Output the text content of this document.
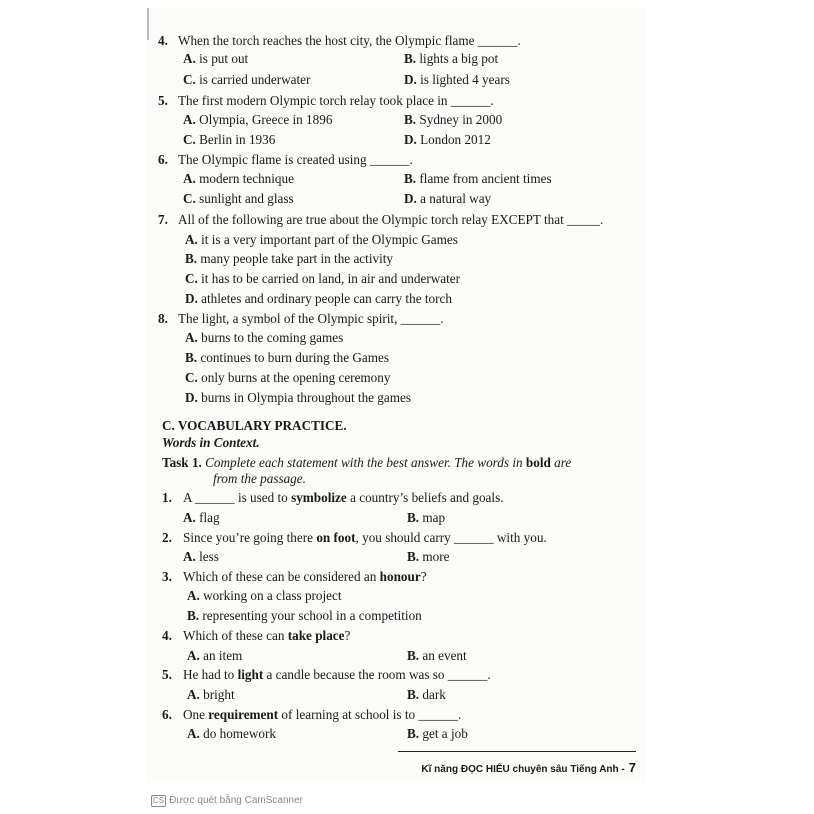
4. When the torch reaches the host city, the Olympic flame ______.
A. is put out	B. lights a big pot
C. is carried underwater	D. is lighted 4 years
5. The first modern Olympic torch relay took place in ______.
A. Olympia, Greece in 1896	B. Sydney in 2000
C. Berlin in 1936	D. London 2012
6. The Olympic flame is created using ______.
A. modern technique	B. flame from ancient times
C. sunlight and glass	D. a natural way
7. All of the following are true about the Olympic torch relay EXCEPT that _____.
A. it is a very important part of the Olympic Games
B. many people take part in the activity
C. it has to be carried on land, in air and underwater
D. athletes and ordinary people can carry the torch
8. The light, a symbol of the Olympic spirit, ______.
A. burns to the coming games
B. continues to burn during the Games
C. only burns at the opening ceremony
D. burns in Olympia throughout the games
1. A ______ is used to symbolize a country’s beliefs and goals.
A. flag	B. map
2. Since you’re going there on foot, you should carry ______ with you.
A. less	B. more
3. Which of these can be considered an honour?
A. working on a class project
B. representing your school in a competition
4. Which of these can take place?
A. an item	B. an event
5. He had to light a candle because the room was so ______.
A. bright	B. dark
6. One requirement of learning at school is to ______.
A. do homework	B. get a job
C. VOCABULARY PRACTICE.
Words in Context.
Task 1. Complete each statement with the best answer. The words in bold are
from the passage.
Kĩ năng ĐỌC HIỂU chuyên sâu Tiếng Anh - 7
CS Được quét bằng CamScanner
